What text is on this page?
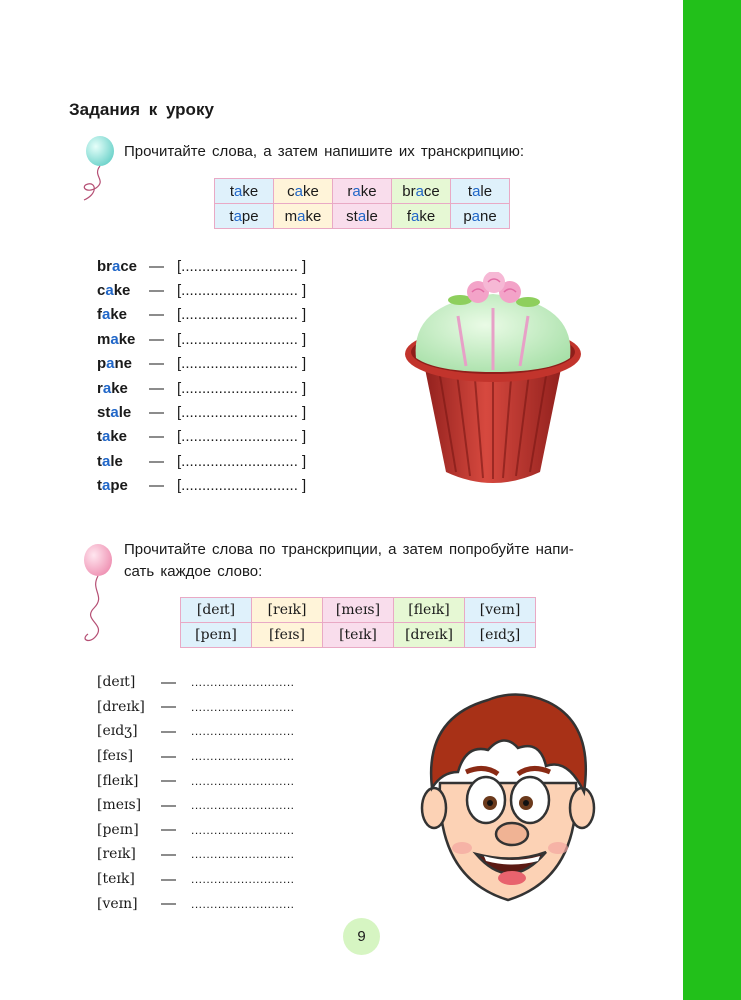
Задания к уроку
Прочитайте слова, а затем напишите их транскрипцию:
take	cake	rake	brace	tale
tape	make	stale	fake	pane
brace — [............................ ]
cake	— [............................ ]
fake	— [............................ ]
make — [............................ ]
pane	— [............................ ]
rake	— [............................ ]
stale	— [............................ ]
take	— [............................ ]
tale	— [............................ ]
tape	— [............................ ]
Прочитайте слова по транскрипции, а затем попробуйте напи-
сать каждое слово:
[deɪt]	[reɪk]	[meɪs]	[fleɪk]	[veɪn]
[peɪn]	[feɪs]	[teɪk]	[dreɪk]	[eɪdʒ]
[deɪt]	—	...........................
[dreɪk]	—	...........................
[eɪdʒ]	—	...........................
[feɪs]	—	...........................
[fleɪk]	—	...........................
[meɪs]	—	...........................
[peɪn]	—	...........................
[reɪk]	—	...........................
[teɪk]	—	...........................
[veɪn]	—	...........................
9
